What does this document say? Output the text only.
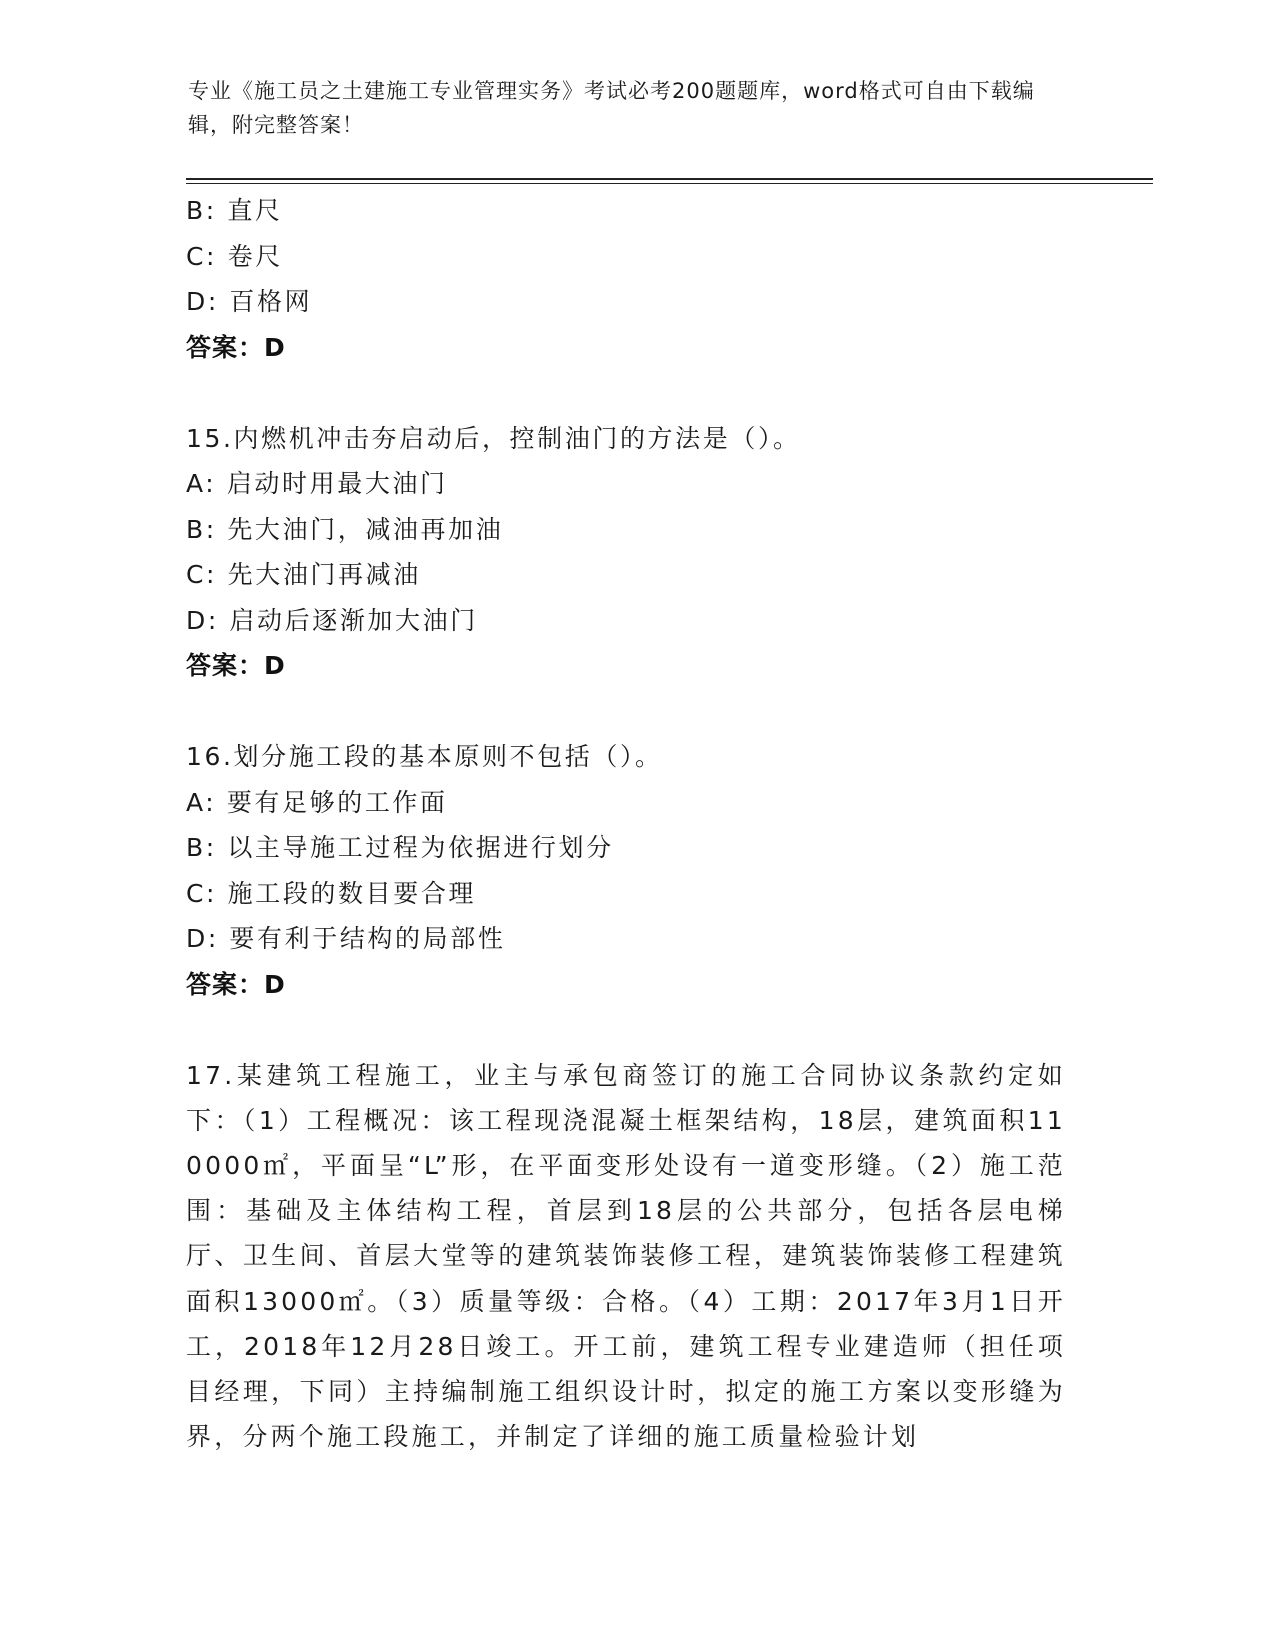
专业《施工员之土建施工专业管理实务》考试必考200题题库，word格式可自由下载编辑，附完整答案！
B: 直尺
C: 卷尺
D: 百格网
答案：D
15.内燃机冲击夯启动后，控制油门的方法是（）。
A: 启动时用最大油门
B: 先大油门，减油再加油
C: 先大油门再减油
D: 启动后逐渐加大油门
答案：D
16.划分施工段的基本原则不包括（）。
A: 要有足够的工作面
B: 以主导施工过程为依据进行划分
C: 施工段的数目要合理
D: 要有利于结构的局部性
答案：D
17.某建筑工程施工，业主与承包商签订的施工合同协议条款约定如下：（1）工程概况：该工程现浇混凝土框架结构，18层，建筑面积110000㎡，平面呈“L”形，在平面变形处设有一道变形缝。（2）施工范围：基础及主体结构工程，首层到18层的公共部分，包括各层电梯厅、卫生间、首层大堂等的建筑装饰装修工程，建筑装饰装修工程建筑面积13000㎡。（3）质量等级：合格。（4）工期：2017年3月1日开工，2018年12月28日竣工。开工前，建筑工程专业建造师（担任项目经理，下同）主持编制施工组织设计时，拟定的施工方案以变形缝为界，分两个施工段施工，并制定了详细的施工质量检验计划
